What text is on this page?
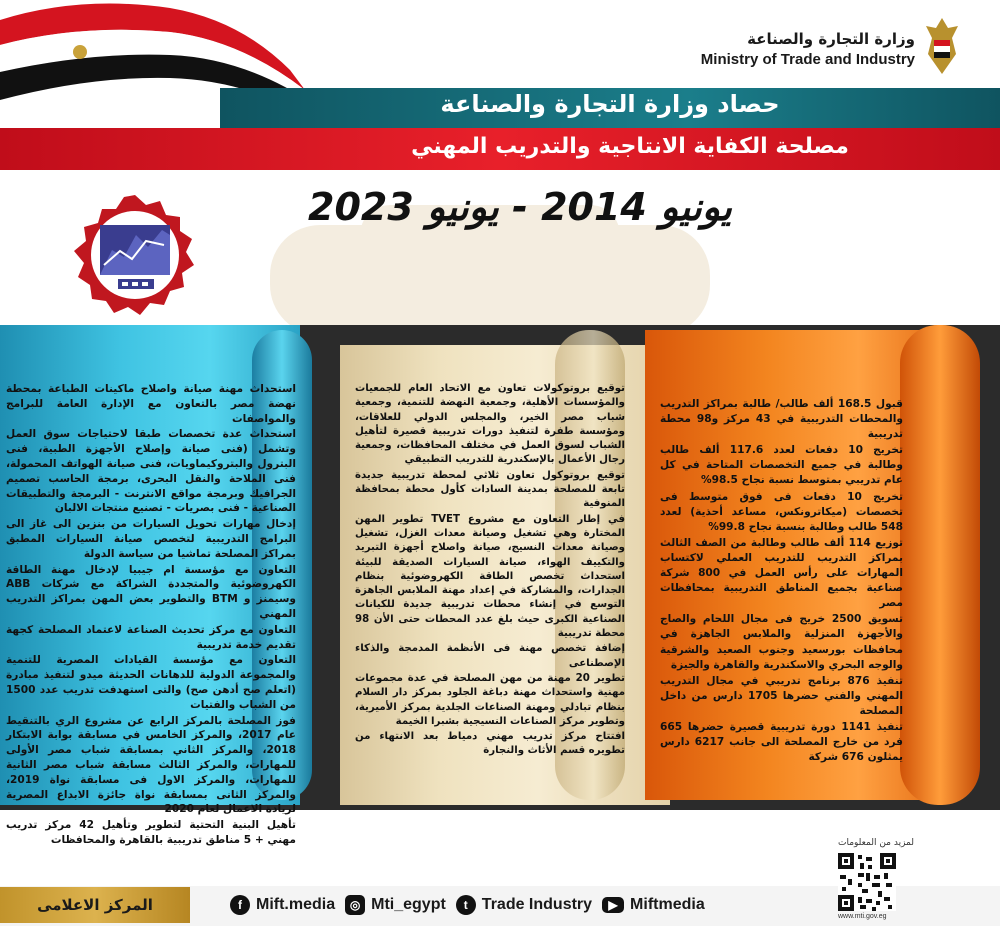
وزارة التجارة والصناعة
Ministry of Trade and Industry
حصاد وزارة التجارة والصناعة
مصلحة الكفاية الانتاجية والتدريب المهني
يونيو 2014 - يونيو 2023

استحداث مهنة صيانة واصلاح ماكينات الطباعة بمحطة نهضة مصر بالتعاون مع الإدارة العامة للبرامج والمواصفات

استحداث عدة تخصصات طبقا لاحتياجات سوق العمل وتشمل (فنى صيانة وإصلاح الأجهزة الطبية، فنى البترول والبتروكيماويات، فنى صيانة الهواتف المحمولة، فنى الملاحة والنقل البحرى، برمجة الحاسب تصميم الجرافيك وبرمجة مواقع الانترنت - البرمجة والتطبيقات الصناعية - فنى بصريات - تصنيع منتجات الالبان

إدخال مهارات تحويل السيارات من بنزين الى غاز الى البرامج التدريبية لتخصص صيانة السيارات المطبق بمراكز المصلحة تماشيا من سياسة الدولة

التعاون مع مؤسسة ام جيبيا لإدخال مهنة الطاقة الكهروضوئية والمتجددة الشراكة مع شركات ABB وسيمنز و BTM والتطوير بعض المهن بمراكز التدريب المهني

التعاون مع مركز تحديث الصناعة لاعتماد المصلحة كجهة تقديم خدمة تدريبية

التعاون مع مؤسسة القيادات المصرية للتنمية والمجموعة الدولية للدهانات الحديثة ميدو لتنفيذ مبادرة (اتعلم صح أدهن صح) والتى استهدفت تدريب عدد 1500 من الشباب والفتيات

فوز المصلحة بالمركز الرابع عن مشروع الري بالتنقيط عام 2017، والمركز الخامس في مسابقة بوابة الابتكار 2018، والمركز الثاني بمسابقة شباب مصر الأولى للمهارات، والمركز الثالث مسابقة شباب مصر الثانية للمهارات، والمركز الاول فى مسابقة نواة 2019، والمركز الثانى بمسابقة نواة جائزة الابداع المصرية لريادة الاعمال لعام 2020

تأهيل البنية التحتية لتطوير وتأهيل 42 مركز تدريب مهني + 5 مناطق تدريبية بالقاهرة والمحافظات

توقيع بروتوكولات تعاون مع الاتحاد العام للجمعيات والمؤسسات الأهلية، وجمعية النهضة للتنمية، وجمعية شباب مصر الخير، والمجلس الدولي للعلاقات، ومؤسسة طفرة لتنفيذ دورات تدريبية قصيرة لتأهيل الشباب لسوق العمل في مختلف المحافظات، وجمعية رجال الأعمال بالإسكندرية للتدريب التطبيقي

توقيع بروتوكول تعاون ثلاثي لمحطة تدريبية جديدة تابعة للمصلحة بمدينة السادات كأول محطة بمحافظة المنوفية

في إطار التعاون مع مشروع TVET تطوير المهن المختارة وهي تشغيل وصيانة معدات الغزل، تشغيل وصيانة معدات النسيج، صيانة واصلاح أجهزة التبريد والتكييف الهواء، صيانة السيارات الصديقة للبيئة استحداث تخصص الطاقة الكهروضوئية بنظام الجدارات، والمشاركة في إعداد مهنة الملابس الجاهزة التوسع في إنشاء محطات تدريبية جديدة للكيانات الصناعية الكبرى حيث بلغ عدد المحطات حتى الأن 98 محطة تدريبية

إضافة تخصص مهنة فى الأنظمة المدمجة والذكاء الإصطناعى

تطوير 20 مهنة من مهن المصلحة في عدة مجموعات مهنية واستحداث مهنة دباغة الجلود بمركز دار السلام بنظام تبادلي ومهنة الصناعات الجلدية بمركز الأميرية، وتطوير مركز الصناعات النسيجية بشبرا الخيمة

افتتاح مركز تدريب مهني دمياط بعد الانتهاء من تطويره قسم الأثاث والنجارة

قبول 168.5 ألف طالب/ طالبة بمراكز التدريب والمحطات التدريبية في 43 مركز و98 محطة تدريبية

تخريج 10 دفعات لعدد 117.6 ألف طالب وطالبة في جميع التخصصات المتاحة في كل عام تدريبي بمتوسط نسبة نجاح 98.5%

تخريج 10 دفعات فى فوق متوسط فى تخصصات (ميكاترونكس، مساعد أحذية) لعدد 548 طالب وطالبة بنسبة نجاح 99.8%

توزيع 114 ألف طالب وطالبة من الصف الثالث بمراكز التدريب للتدريب العملي لاكتساب المهارات على رأس العمل في 800 شركة صناعية بجميع المناطق التدريبية بمحافظات مصر

تسويق 2500 خريج فى مجال اللحام والصاج والأجهزة المنزلية والملابس الجاهزة في محافظات بورسعيد وجنوب الصعيد والشرقية والوجه البحري والاسكندرية والقاهرة والجيزة

تنفيذ 876 برنامج تدريبي في مجال التدريب المهني والفني حضرها 1705 دارس من داخل المصلحة

تنفيذ 1141 دورة تدريبية قصيرة حضرها 665 فرد من خارج المصلحة الى جانب 6217 دارس يمثلون 676 شركة

المركز الاعلامى	f Mift.media	◎ Mti_egypt	t Trade Industry	▶ Miftmedia
لمزيد من المعلومات
www.mti.gov.eg
